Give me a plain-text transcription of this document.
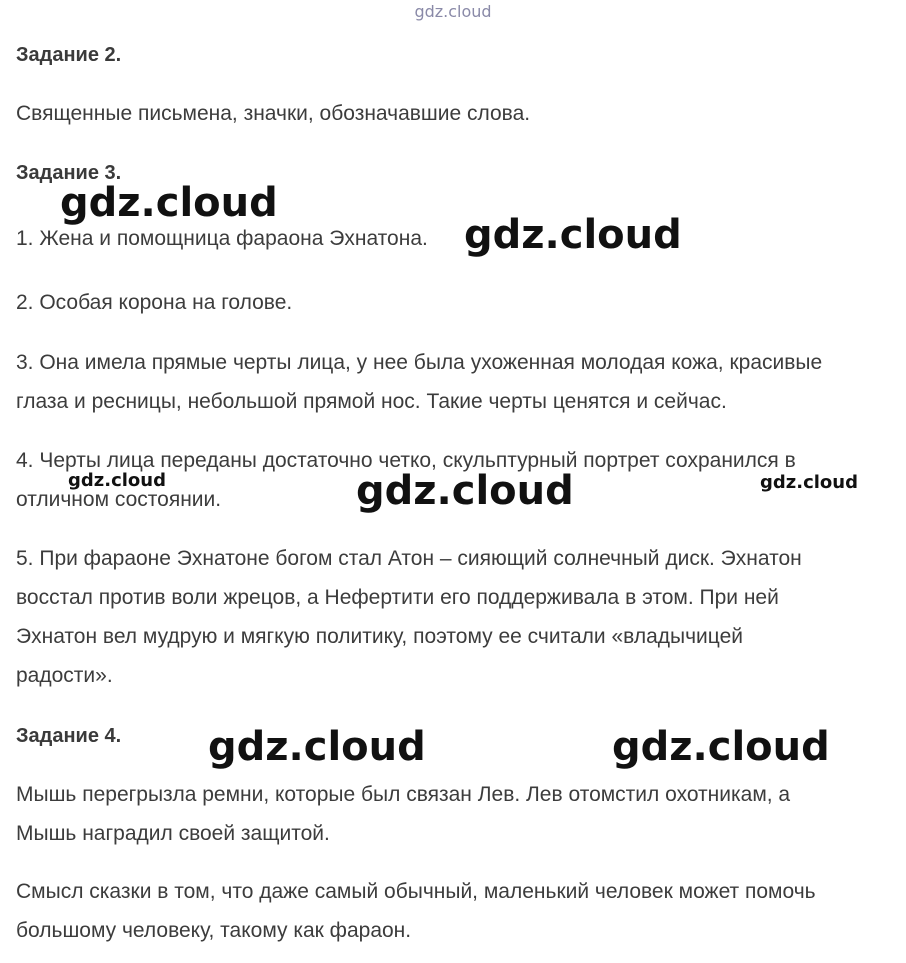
gdz.cloud
Задание 2.
Священные письмена, значки, обозначавшие слова.
Задание 3.
1. Жена и помощница фараона Эхнатона.
2. Особая корона на голове.
3. Она имела прямые черты лица, у нее была ухоженная молодая кожа, красивые
глаза и ресницы, небольшой прямой нос. Такие черты ценятся и сейчас.
4. Черты лица переданы достаточно четко, скульптурный портрет сохранился в
отличном состоянии.
5. При фараоне Эхнатоне богом стал Атон – сияющий солнечный диск. Эхнатон
восстал против воли жрецов, а Нефертити его поддерживала в этом. При ней
Эхнатон вел мудрую и мягкую политику, поэтому ее считали «владычицей
радости».
Задание 4.
Мышь перегрызла ремни, которые был связан Лев. Лев отомстил охотникам, а
Мышь наградил своей защитой.
Смысл сказки в том, что даже самый обычный, маленький человек может помочь
большому человеку, такому как фараон.
gdz.cloud
gdz.cloud
gdz.cloud	gdz.cloud	gdz.cloud
gdz.cloud	gdz.cloud
